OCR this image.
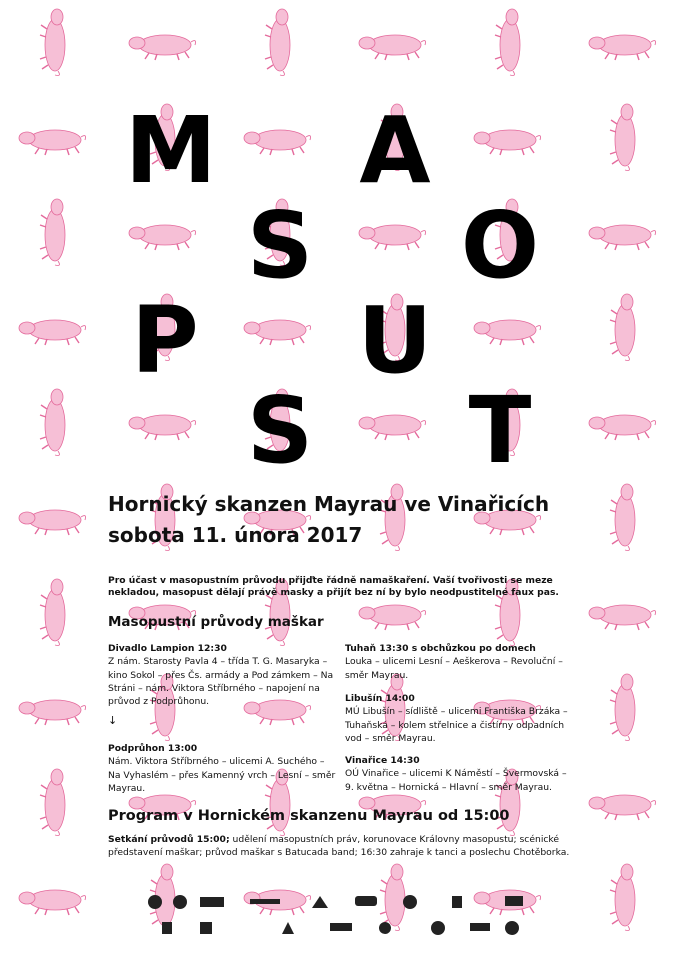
M A
S O
P U
S T
Hornický skanzen Mayrau ve Vinařicích
sobota 11. února 2017
Pro účast v masopustním průvodu přijďte řádně namaškaření. Vaší tvořivosti se meze nekladou, masopust dělají právě masky a přijít bez ní by bylo neodpustitelné faux pas.
Masopustní průvody maškar
Divadlo Lampion 12:30
Z nám. Starosty Pavla 4 – třída T. G. Masaryka – kino Sokol – přes Čs. armády a Pod zámkem – Na Stráni – nám. Viktora Stříbrného – napojení na průvod z Podprůhonu.
↓
Podprůhon 13:00
Nám. Viktora Stříbrného – ulicemi A. Suchého – Na Vyhaslém – přes Kamenný vrch – Lesní – směr Mayrau.
Tuhaň 13:30 s obchůzkou po domech
Louka – ulicemi Lesní – Aeškerova – Revoluční – směr Mayrau.
Libušín 14:00
MÚ Libušín – sídliště – ulicemi Františka Brzáka – Tuhaňská – kolem střelnice a čistírny odpadních vod – směr Mayrau.
Vinařice 14:30
OÚ Vinařice – ulicemi K Náměstí – Švermovská – 9. května – Hornická – Hlavní – směr Mayrau.
Program v Hornickém skanzenu Mayrau od 15:00
Setkání průvodů 15:00; udělení masopustních práv, korunovace Královny masopustu; scénické představení maškar; průvod maškar s Batucada band; 16:30 zahraje k tanci a poslechu Chotěborka.
